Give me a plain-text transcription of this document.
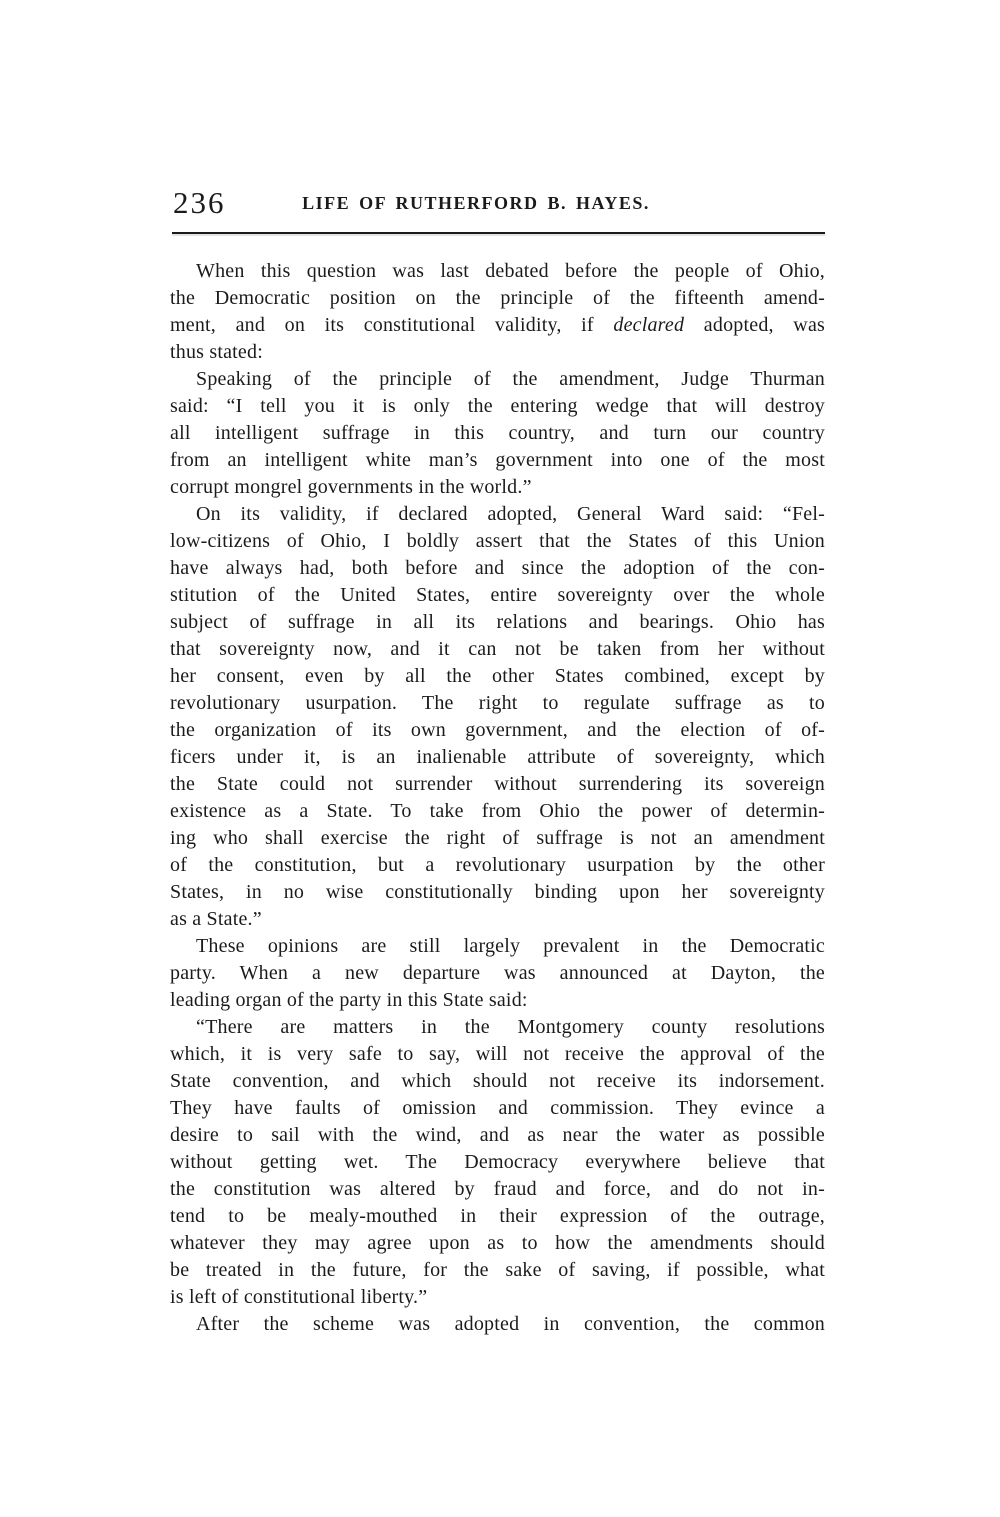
236	LIFE OF RUTHERFORD B. HAYES.
When this question was last debated before the people of Ohio,
the Democratic position on the principle of the fifteenth amend-
ment, and on its constitutional validity, if declared adopted, was
thus stated:
Speaking of the principle of the amendment, Judge Thurman
said: “I tell you it is only the entering wedge that will destroy
all intelligent suffrage in this country, and turn our country
from an intelligent white man’s government into one of the most
corrupt mongrel governments in the world.”
On its validity, if declared adopted, General Ward said: “Fel-
low-citizens of Ohio, I boldly assert that the States of this Union
have always had, both before and since the adoption of the con-
stitution of the United States, entire sovereignty over the whole
subject of suffrage in all its relations and bearings. Ohio has
that sovereignty now, and it can not be taken from her without
her consent, even by all the other States combined, except by
revolutionary usurpation. The right to regulate suffrage as to
the organization of its own government, and the election of of-
ficers under it, is an inalienable attribute of sovereignty, which
the State could not surrender without surrendering its sovereign
existence as a State. To take from Ohio the power of determin-
ing who shall exercise the right of suffrage is not an amendment
of the constitution, but a revolutionary usurpation by the other
States, in no wise constitutionally binding upon her sovereignty
as a State.”
These opinions are still largely prevalent in the Democratic
party. When a new departure was announced at Dayton, the
leading organ of the party in this State said:
“There are matters in the Montgomery county resolutions
which, it is very safe to say, will not receive the approval of the
State convention, and which should not receive its indorsement.
They have faults of omission and commission. They evince a
desire to sail with the wind, and as near the water as possible
without getting wet. The Democracy everywhere believe that
the constitution was altered by fraud and force, and do not in-
tend to be mealy-mouthed in their expression of the outrage,
whatever they may agree upon as to how the amendments should
be treated in the future, for the sake of saving, if possible, what
is left of constitutional liberty.”
After the scheme was adopted in convention, the common
